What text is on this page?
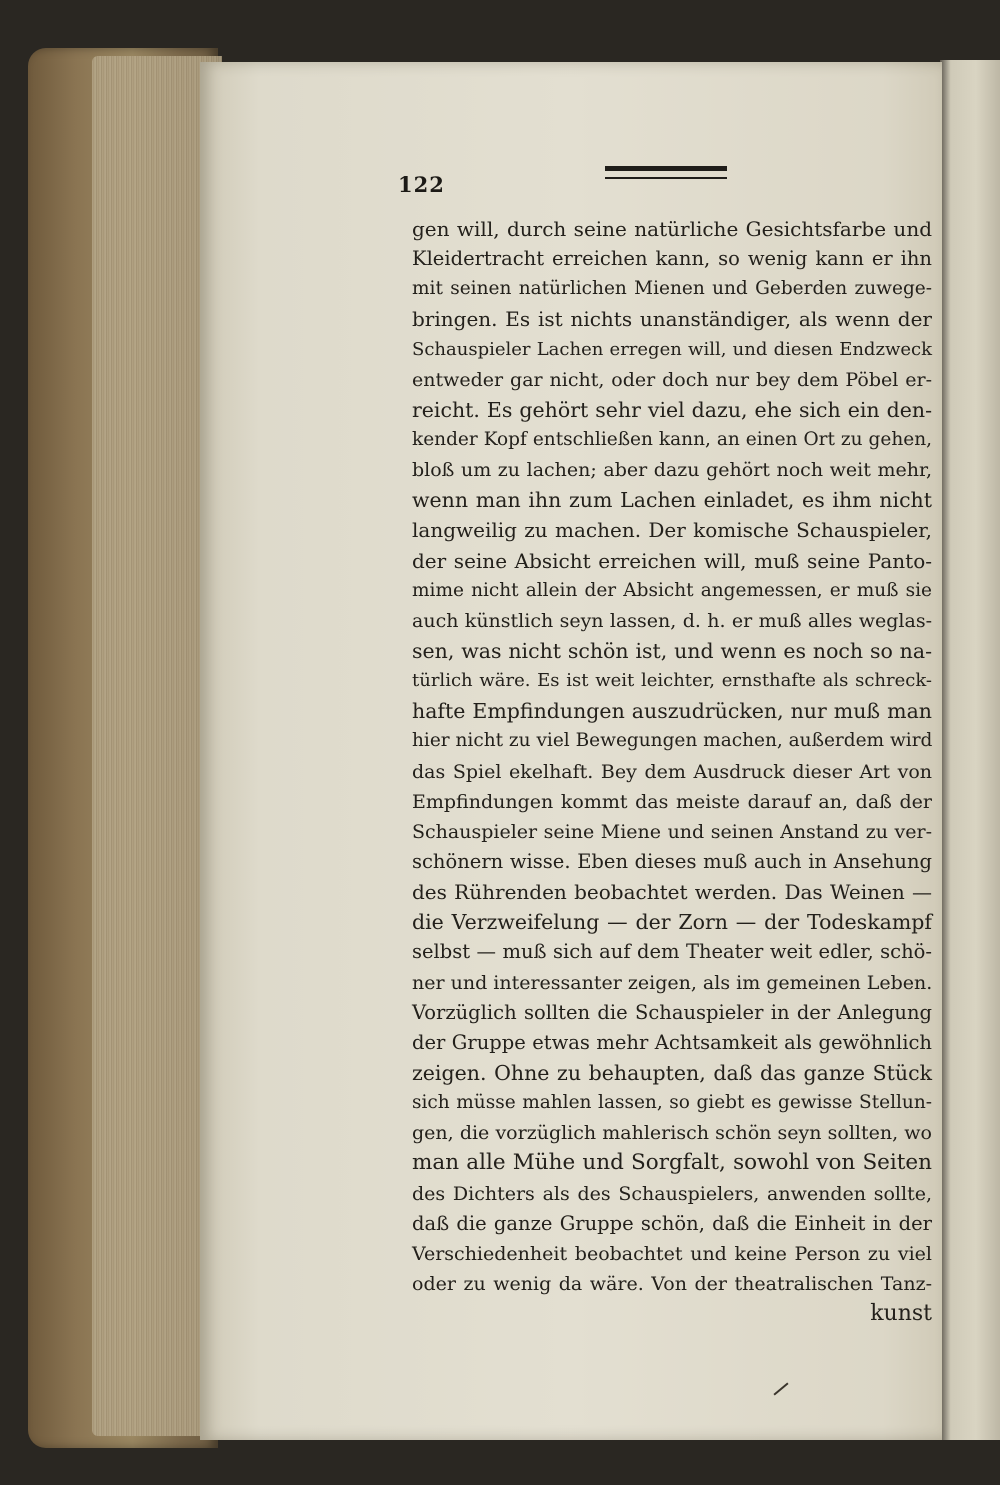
122
gen will, durch seine natürliche Gesichtsfarbe und
Kleidertracht erreichen kann, so wenig kann er ihn
mit seinen natürlichen Mienen und Geberden zuwege-
bringen. Es ist nichts unanständiger, als wenn der
Schauspieler Lachen erregen will, und diesen Endzweck
entweder gar nicht, oder doch nur bey dem Pöbel er-
reicht. Es gehört sehr viel dazu, ehe sich ein den-
kender Kopf entschließen kann, an einen Ort zu gehen,
bloß um zu lachen; aber dazu gehört noch weit mehr,
wenn man ihn zum Lachen einladet, es ihm nicht
langweilig zu machen. Der komische Schauspieler,
der seine Absicht erreichen will, muß seine Panto-
mime nicht allein der Absicht angemessen, er muß sie
auch künstlich seyn lassen, d. h. er muß alles weglas-
sen, was nicht schön ist, und wenn es noch so na-
türlich wäre. Es ist weit leichter, ernsthafte als schreck-
hafte Empfindungen auszudrücken, nur muß man
hier nicht zu viel Bewegungen machen, außerdem wird
das Spiel ekelhaft. Bey dem Ausdruck dieser Art von
Empfindungen kommt das meiste darauf an, daß der
Schauspieler seine Miene und seinen Anstand zu ver-
schönern wisse. Eben dieses muß auch in Ansehung
des Rührenden beobachtet werden. Das Weinen —
die Verzweifelung — der Zorn — der Todeskampf
selbst — muß sich auf dem Theater weit edler, schö-
ner und interessanter zeigen, als im gemeinen Leben.
Vorzüglich sollten die Schauspieler in der Anlegung
der Gruppe etwas mehr Achtsamkeit als gewöhnlich
zeigen. Ohne zu behaupten, daß das ganze Stück
sich müsse mahlen lassen, so giebt es gewisse Stellun-
gen, die vorzüglich mahlerisch schön seyn sollten, wo
man alle Mühe und Sorgfalt, sowohl von Seiten
des Dichters als des Schauspielers, anwenden sollte,
daß die ganze Gruppe schön, daß die Einheit in der
Verschiedenheit beobachtet und keine Person zu viel
oder zu wenig da wäre. Von der theatralischen Tanz-
kunst
